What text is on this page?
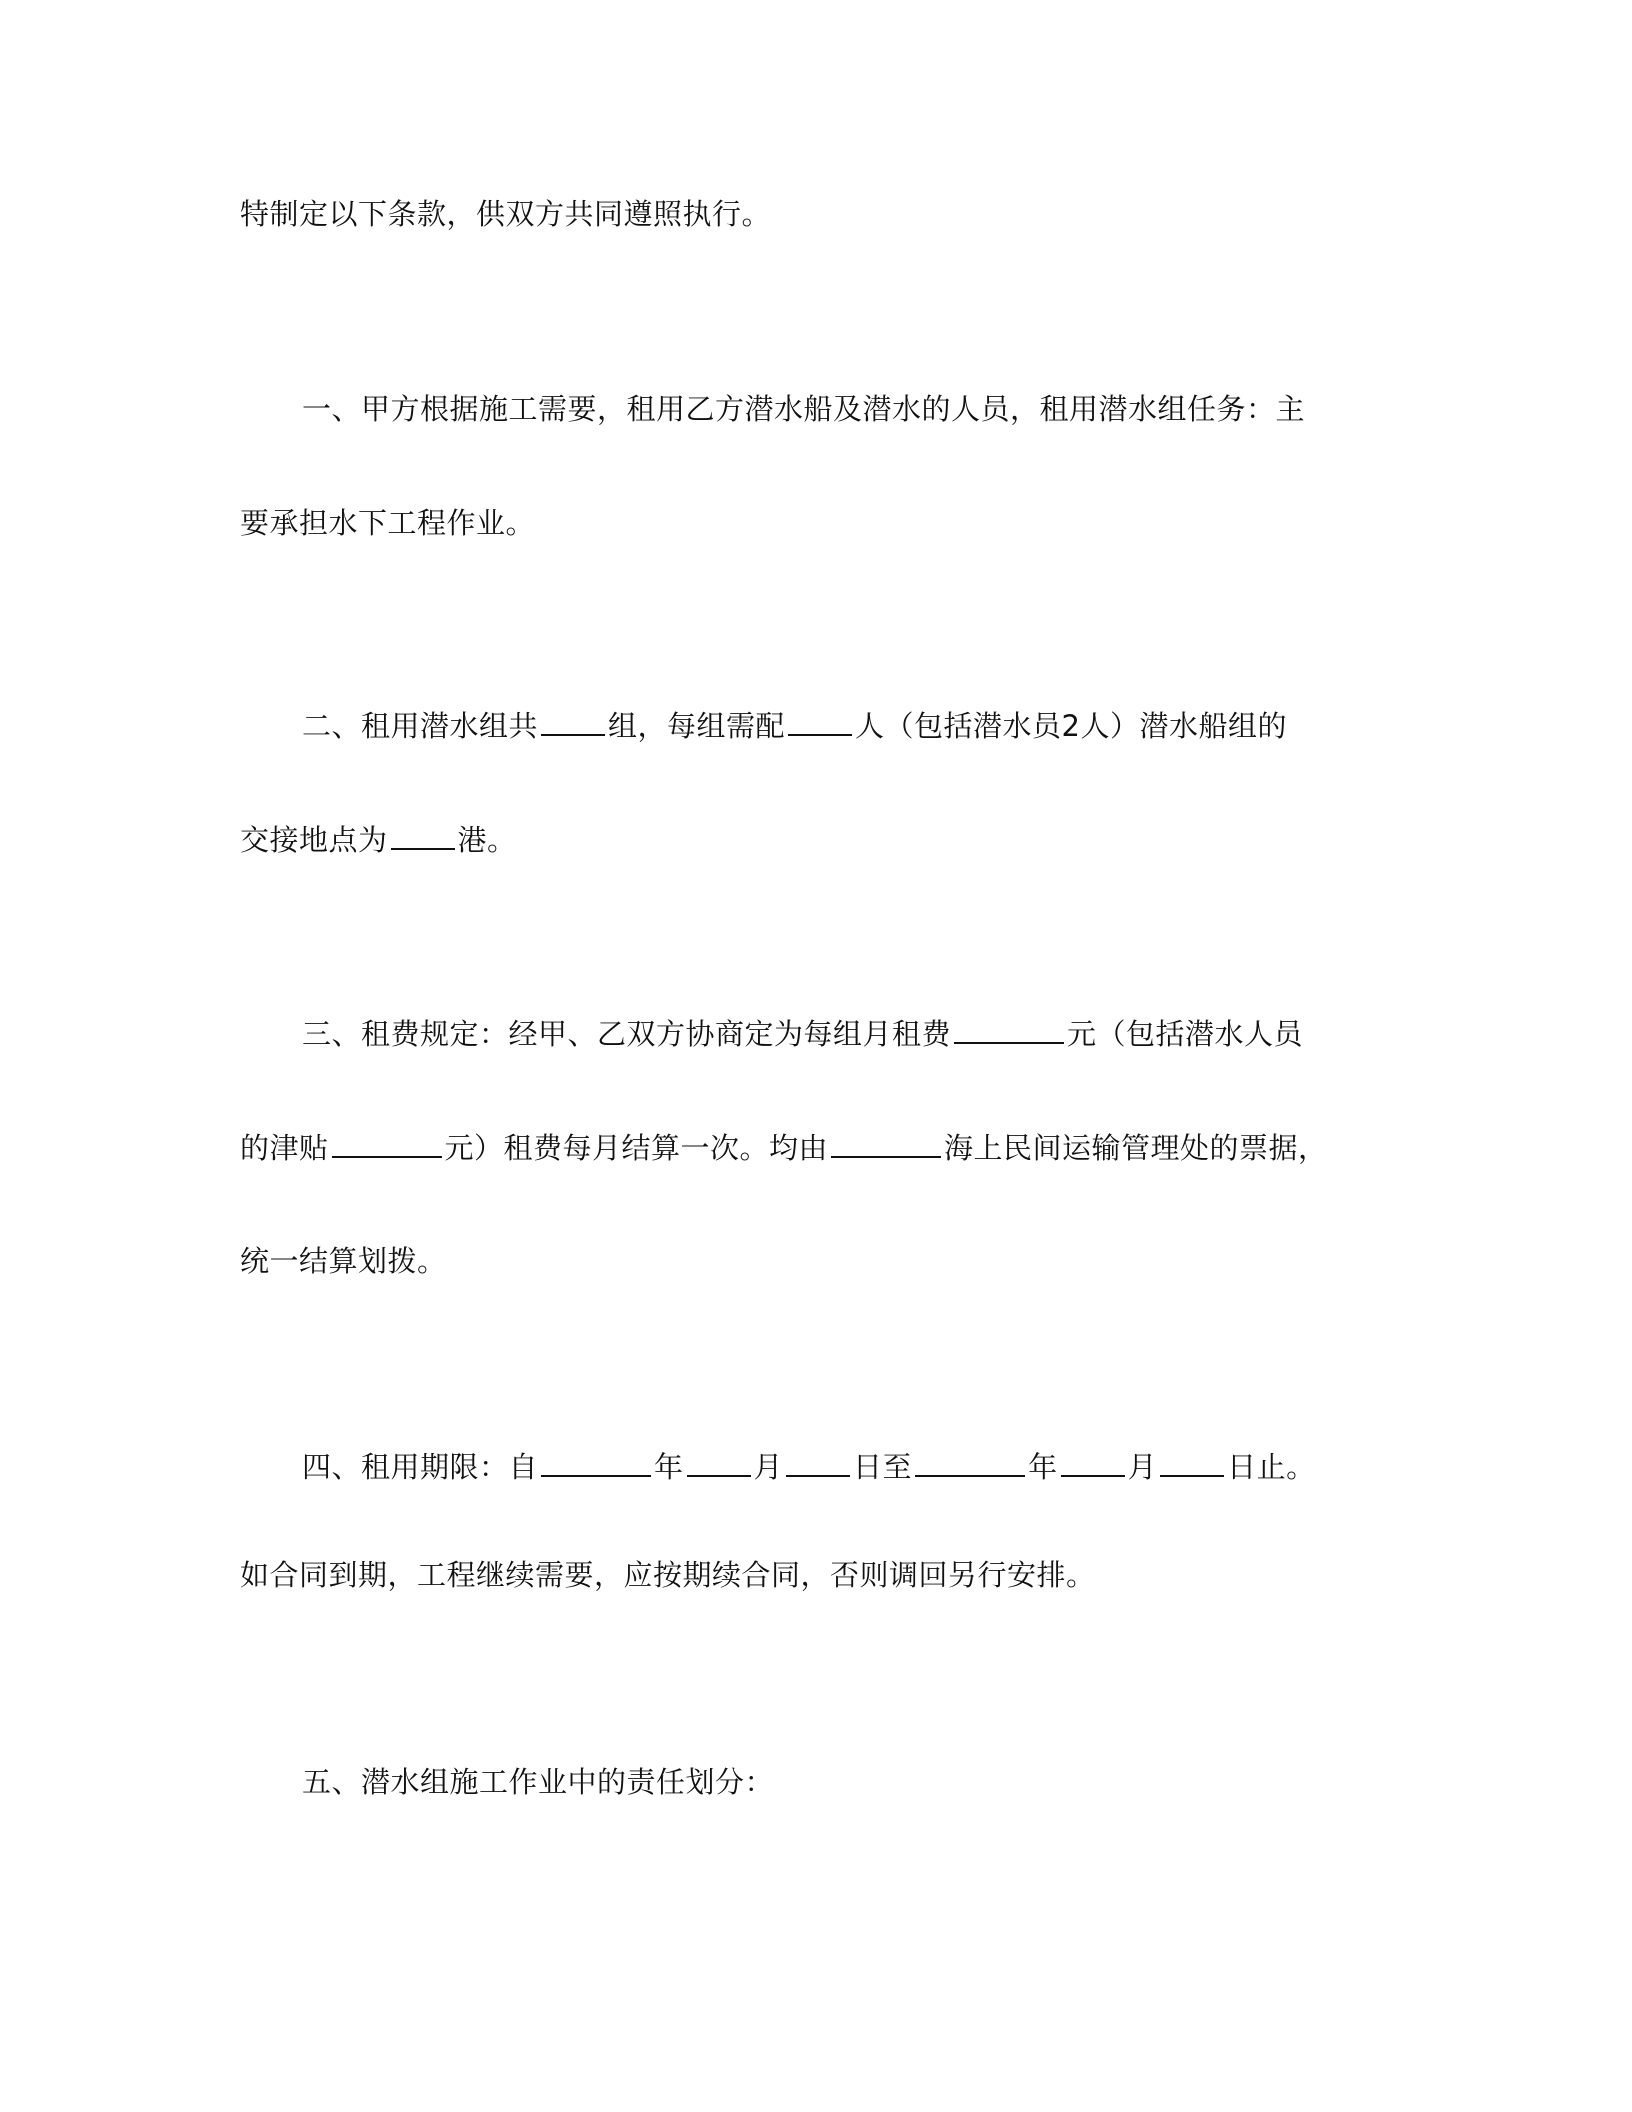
特制定以下条款，供双方共同遵照执行。
一、甲方根据施工需要，租用乙方潜水船及潜水的人员，租用潜水组任务：主
要承担水下工程作业。
二、租用潜水组共 组，每组需配 人（包括潜水员2人）潜水船组的
交接地点为 港。
三、租费规定：经甲、乙双方协商定为每组月租费	元（包括潜水人员
的津贴	元）租费每月结算一次。均由	海上民间运输管理处的票据，
统一结算划拨。
四、租用期限：自	年 月 日至	年 月 日止。
如合同到期，工程继续需要，应按期续合同，否则调回另行安排。
五、潜水组施工作业中的责任划分：
